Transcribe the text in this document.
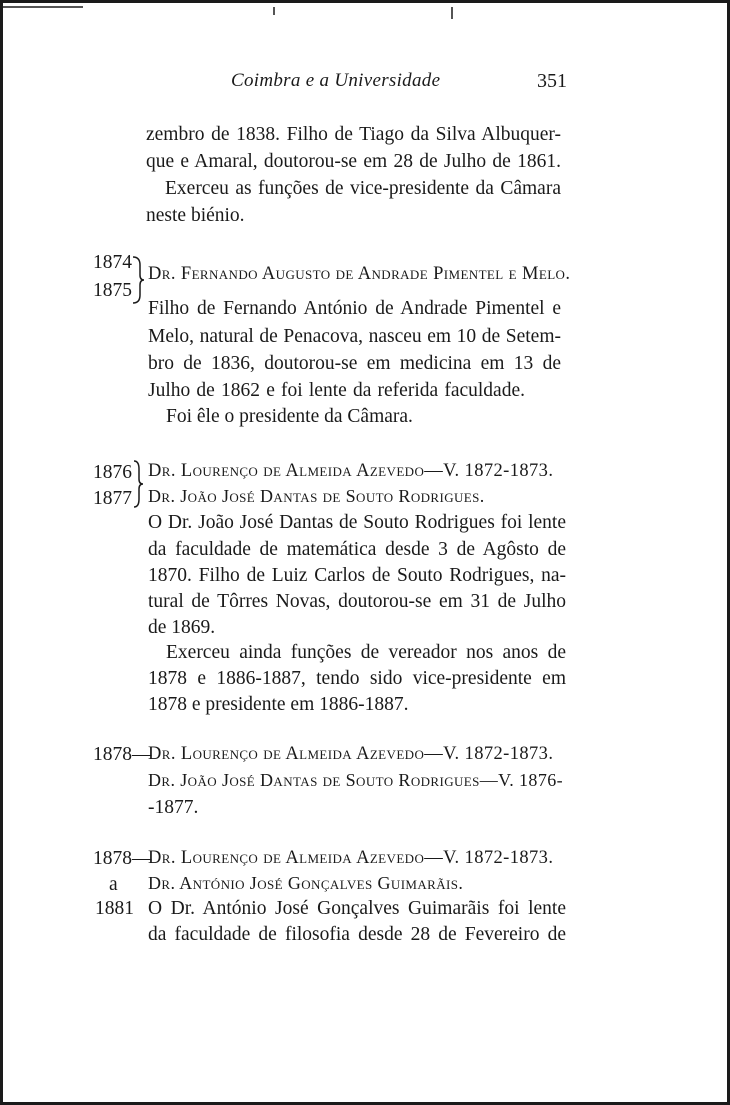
Coimbra e a Universidade	351
zembro de 1838. Filho de Tiago da Silva Albuquer-
que e Amaral, doutorou-se em 28 de Julho de 1861.
Exerceu as funções de vice-presidente da Câmara
neste biénio.
1874
1875
Dr. Fernando Augusto de Andrade Pimentel e Melo.
Filho de Fernando António de Andrade Pimentel e
Melo, natural de Penacova, nasceu em 10 de Setem-
bro de 1836, doutorou-se em medicina em 13 de
Julho de 1862 e foi lente da referida faculdade.
Foi êle o presidente da Câmara.
1876
1877
Dr. Lourenço de Almeida Azevedo—V. 1872-1873.
Dr. João José Dantas de Souto Rodrigues.
O Dr. João José Dantas de Souto Rodrigues foi lente
da faculdade de matemática desde 3 de Agôsto de
1870. Filho de Luiz Carlos de Souto Rodrigues, na-
tural de Tôrres Novas, doutorou-se em 31 de Julho
de 1869.
Exerceu ainda funções de vereador nos anos de
1878 e 1886-1887, tendo sido vice-presidente em
1878 e presidente em 1886-1887.
1878—
Dr. Lourenço de Almeida Azevedo—V. 1872-1873.
Dr. João José Dantas de Souto Rodrigues—V. 1876-
-1877.
1878—
a
1881
Dr. Lourenço de Almeida Azevedo—V. 1872-1873.
Dr. António José Gonçalves Guimarãis.
O Dr. António José Gonçalves Guimarãis foi lente
da faculdade de filosofia desde 28 de Fevereiro de
